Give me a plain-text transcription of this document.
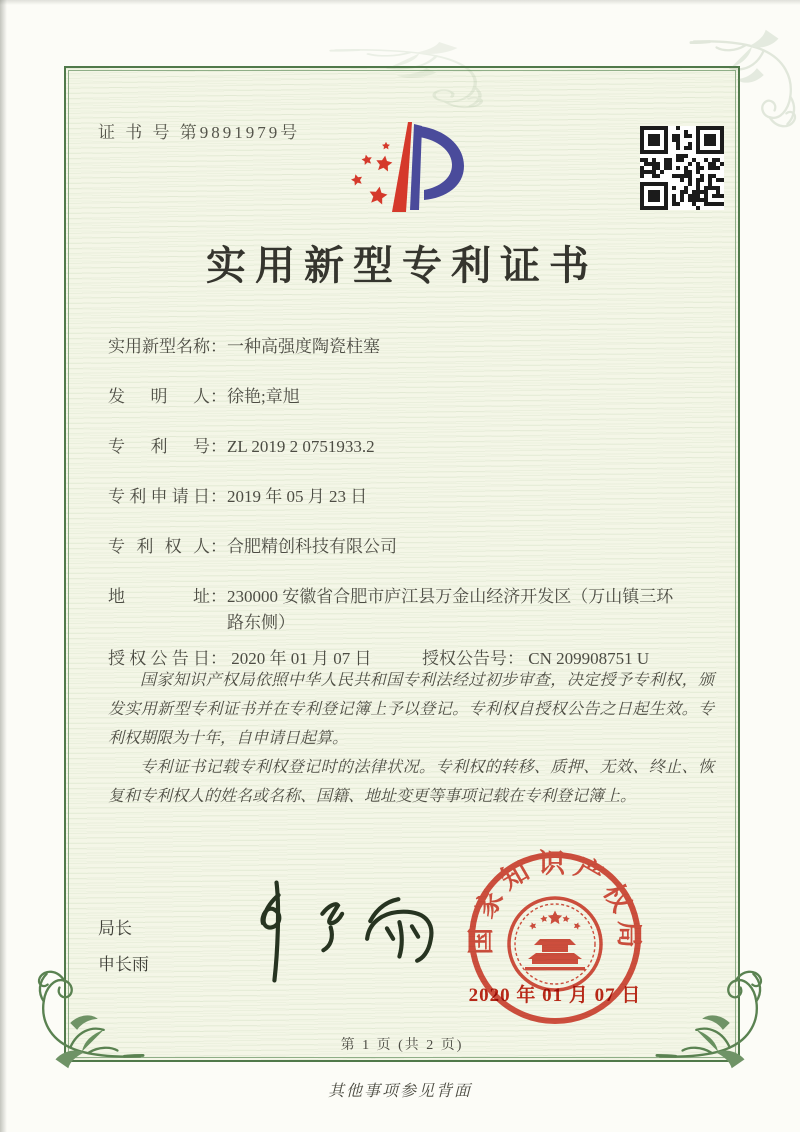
证 书 号 第9891979号
实用新型专利证书
实用新型名称 ： 一种高强度陶瓷柱塞
发明人 ： 徐艳;章旭
专利号 ： ZL 2019 2 0751933.2
专利申请日 ： 2019 年 05 月 23 日
专利权人 ： 合肥精创科技有限公司
地址 ： 230000 安徽省合肥市庐江县万金山经济开发区（万山镇三环路东侧）
授权公告日： 2020 年 01 月 07 日	授权公告号： CN 209908751 U

国家知识产权局依照中华人民共和国专利法经过初步审查，决定授予专利权，颁发实用新型专利证书并在专利登记簿上予以登记。专利权自授权公告之日起生效。专利权期限为十年，自申请日起算。

专利证书记载专利权登记时的法律状况。专利权的转移、质押、无效、终止、恢复和专利权人的姓名或名称、国籍、地址变更等事项记载在专利登记簿上。

局长
申长雨
国家知识产权局
2020 年 01 月 07 日
第 1 页 (共 2 页)
其他事项参见背面
